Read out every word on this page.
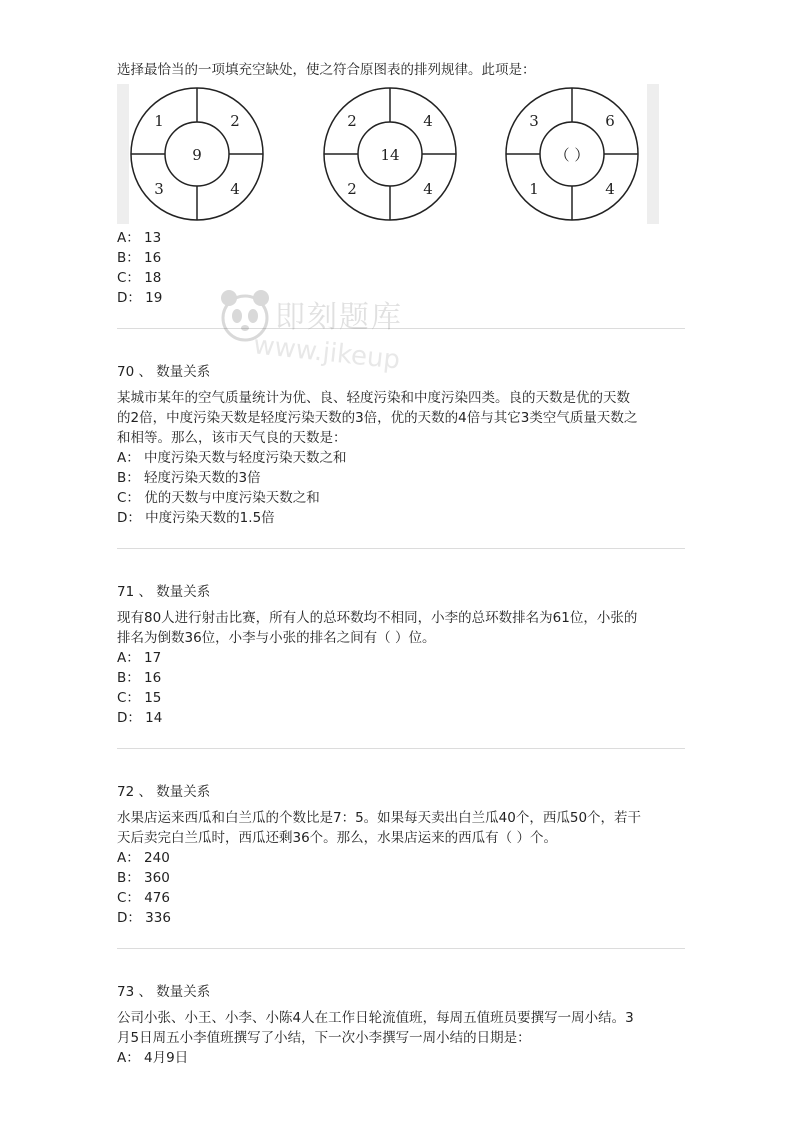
选择最恰当的一项填充空缺处，使之符合原图表的排列规律。此项是：
1	2
3	4
9
2	4
2	4
14
3	6
1	4
（ ）
A： 13
B： 16
C： 18
D： 19
70 、 数量关系
某城市某年的空气质量统计为优、良、轻度污染和中度污染四类。良的天数是优的天数
的2倍，中度污染天数是轻度污染天数的3倍，优的天数的4倍与其它3类空气质量天数之
和相等。那么，该市天气良的天数是：
A： 中度污染天数与轻度污染天数之和
B： 轻度污染天数的3倍
C： 优的天数与中度污染天数之和
D： 中度污染天数的1.5倍
71 、 数量关系
现有80人进行射击比赛，所有人的总环数均不相同，小李的总环数排名为61位，小张的
排名为倒数36位，小李与小张的排名之间有（ ）位。
A： 17
B： 16
C： 15
D： 14
72 、 数量关系
水果店运来西瓜和白兰瓜的个数比是7：5。如果每天卖出白兰瓜40个，西瓜50个，若干
天后卖完白兰瓜时，西瓜还剩36个。那么，水果店运来的西瓜有（ ）个。
A： 240
B： 360
C： 476
D： 336
73 、 数量关系
公司小张、小王、小李、小陈4人在工作日轮流值班，每周五值班员要撰写一周小结。3
月5日周五小李值班撰写了小结，下一次小李撰写一周小结的日期是：
A： 4月9日
即刻题库
www.jikeup
